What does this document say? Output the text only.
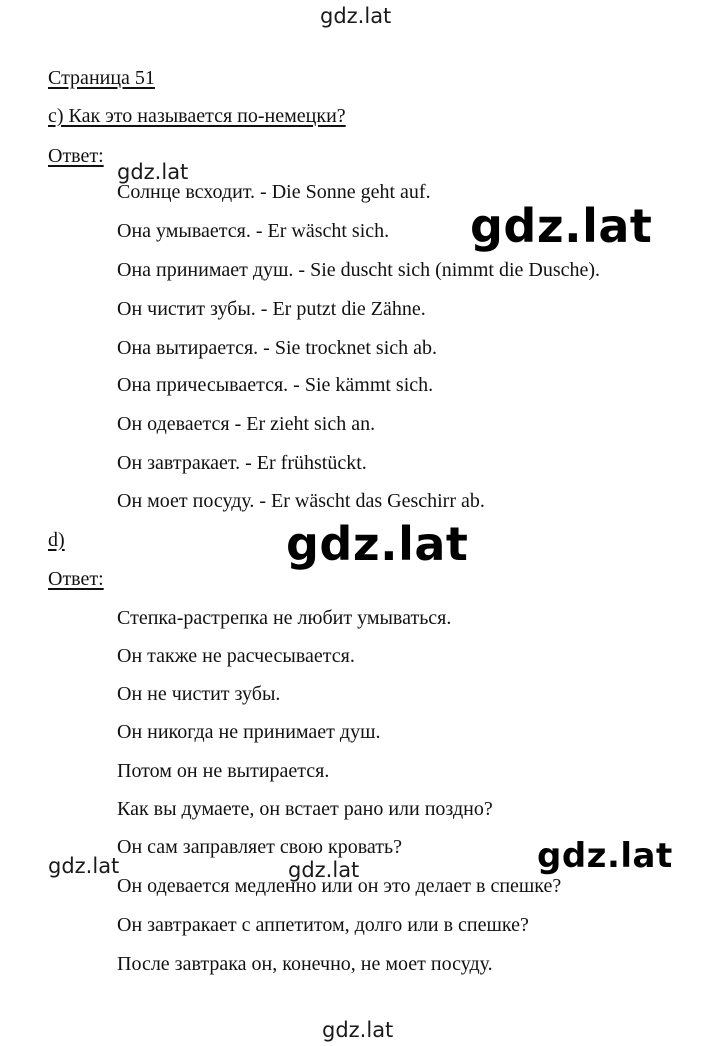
gdz.lat
gdz.lat
gdz.lat
gdz.lat
gdz.lat	gdz.lat	gdz.lat
gdz.lat
Страница 51
c) Как это называется по-немецки?
Ответ:
Солнце всходит. - Die Sonne geht auf.
Она умывается. - Er wäscht sich.
Она принимает душ. - Sie duscht sich (nimmt die Dusche).
Он чистит зубы. - Er putzt die Zähne.
Она вытирается. - Sie trocknet sich ab.
Она причесывается. - Sie kämmt sich.
Он одевается - Er zieht sich an.
Он завтракает. - Er frühstückt.
Он моет посуду. - Er wäscht das Geschirr ab.
d)
Ответ:
Степка-растрепка не любит умываться.
Он также не расчесывается.
Он не чистит зубы.
Он никогда не принимает душ.
Потом он не вытирается.
Как вы думаете, он встает рано или поздно?
Он сам заправляет свою кровать?
Он одевается медленно или он это делает в спешке?
Он завтракает с аппетитом, долго или в спешке?
После завтрака он, конечно, не моет посуду.
